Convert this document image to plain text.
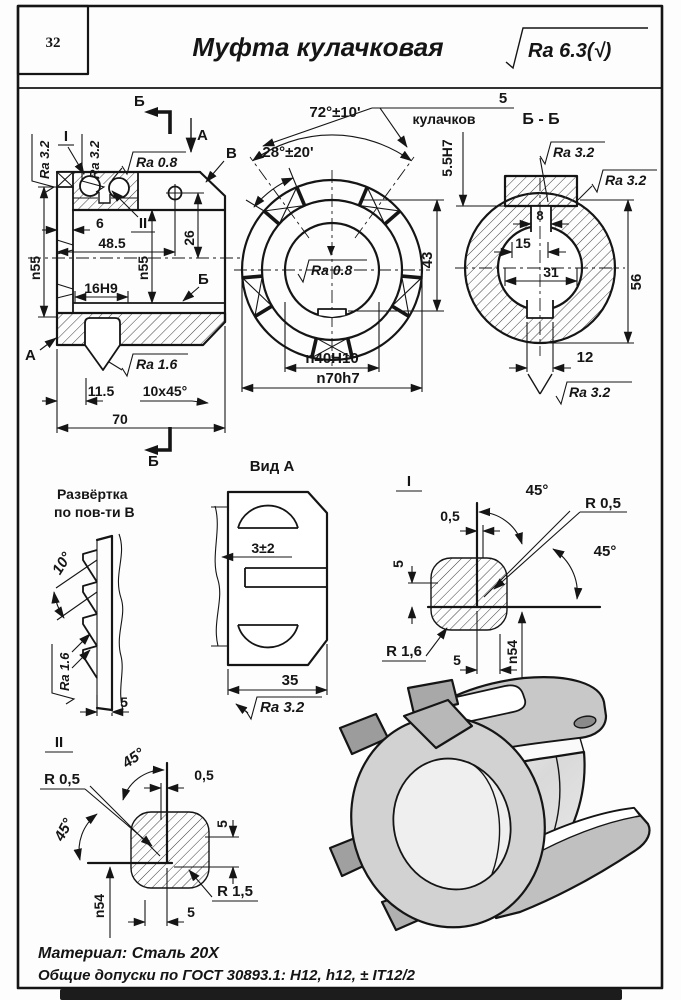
32	Муфта кулачковая	Ra 6.3(√)
Ra 3.2	Ra 3.2 Ra 0.8
Ra 1.6
I
II
Б
Б
А
В
А
Б
6
48.5	26
n55	n55
16H9
11.5 10x45°
70
72°±10'
28°±20'
5
кулачков
Ra 0.8
43
n40H10
n70h7
Б - Б
5.5H7	Ra 3.2
Ra 3.2
8
15
31
56
12
Ra 3.2
Развёртка
по пов-ти В
10°
Ra 1.6
5
Вид А
3±2
35
Ra 3.2
I
45°
45°
R 0,5
0,5
5
R 1,6 5	n54
II
45°
R 0,5	0,5
45°	5
n54
R 1,5
5
Материал: Сталь 20Х
Общие допуски по ГОСТ 30893.1: H12, h12, ± IT12/2
